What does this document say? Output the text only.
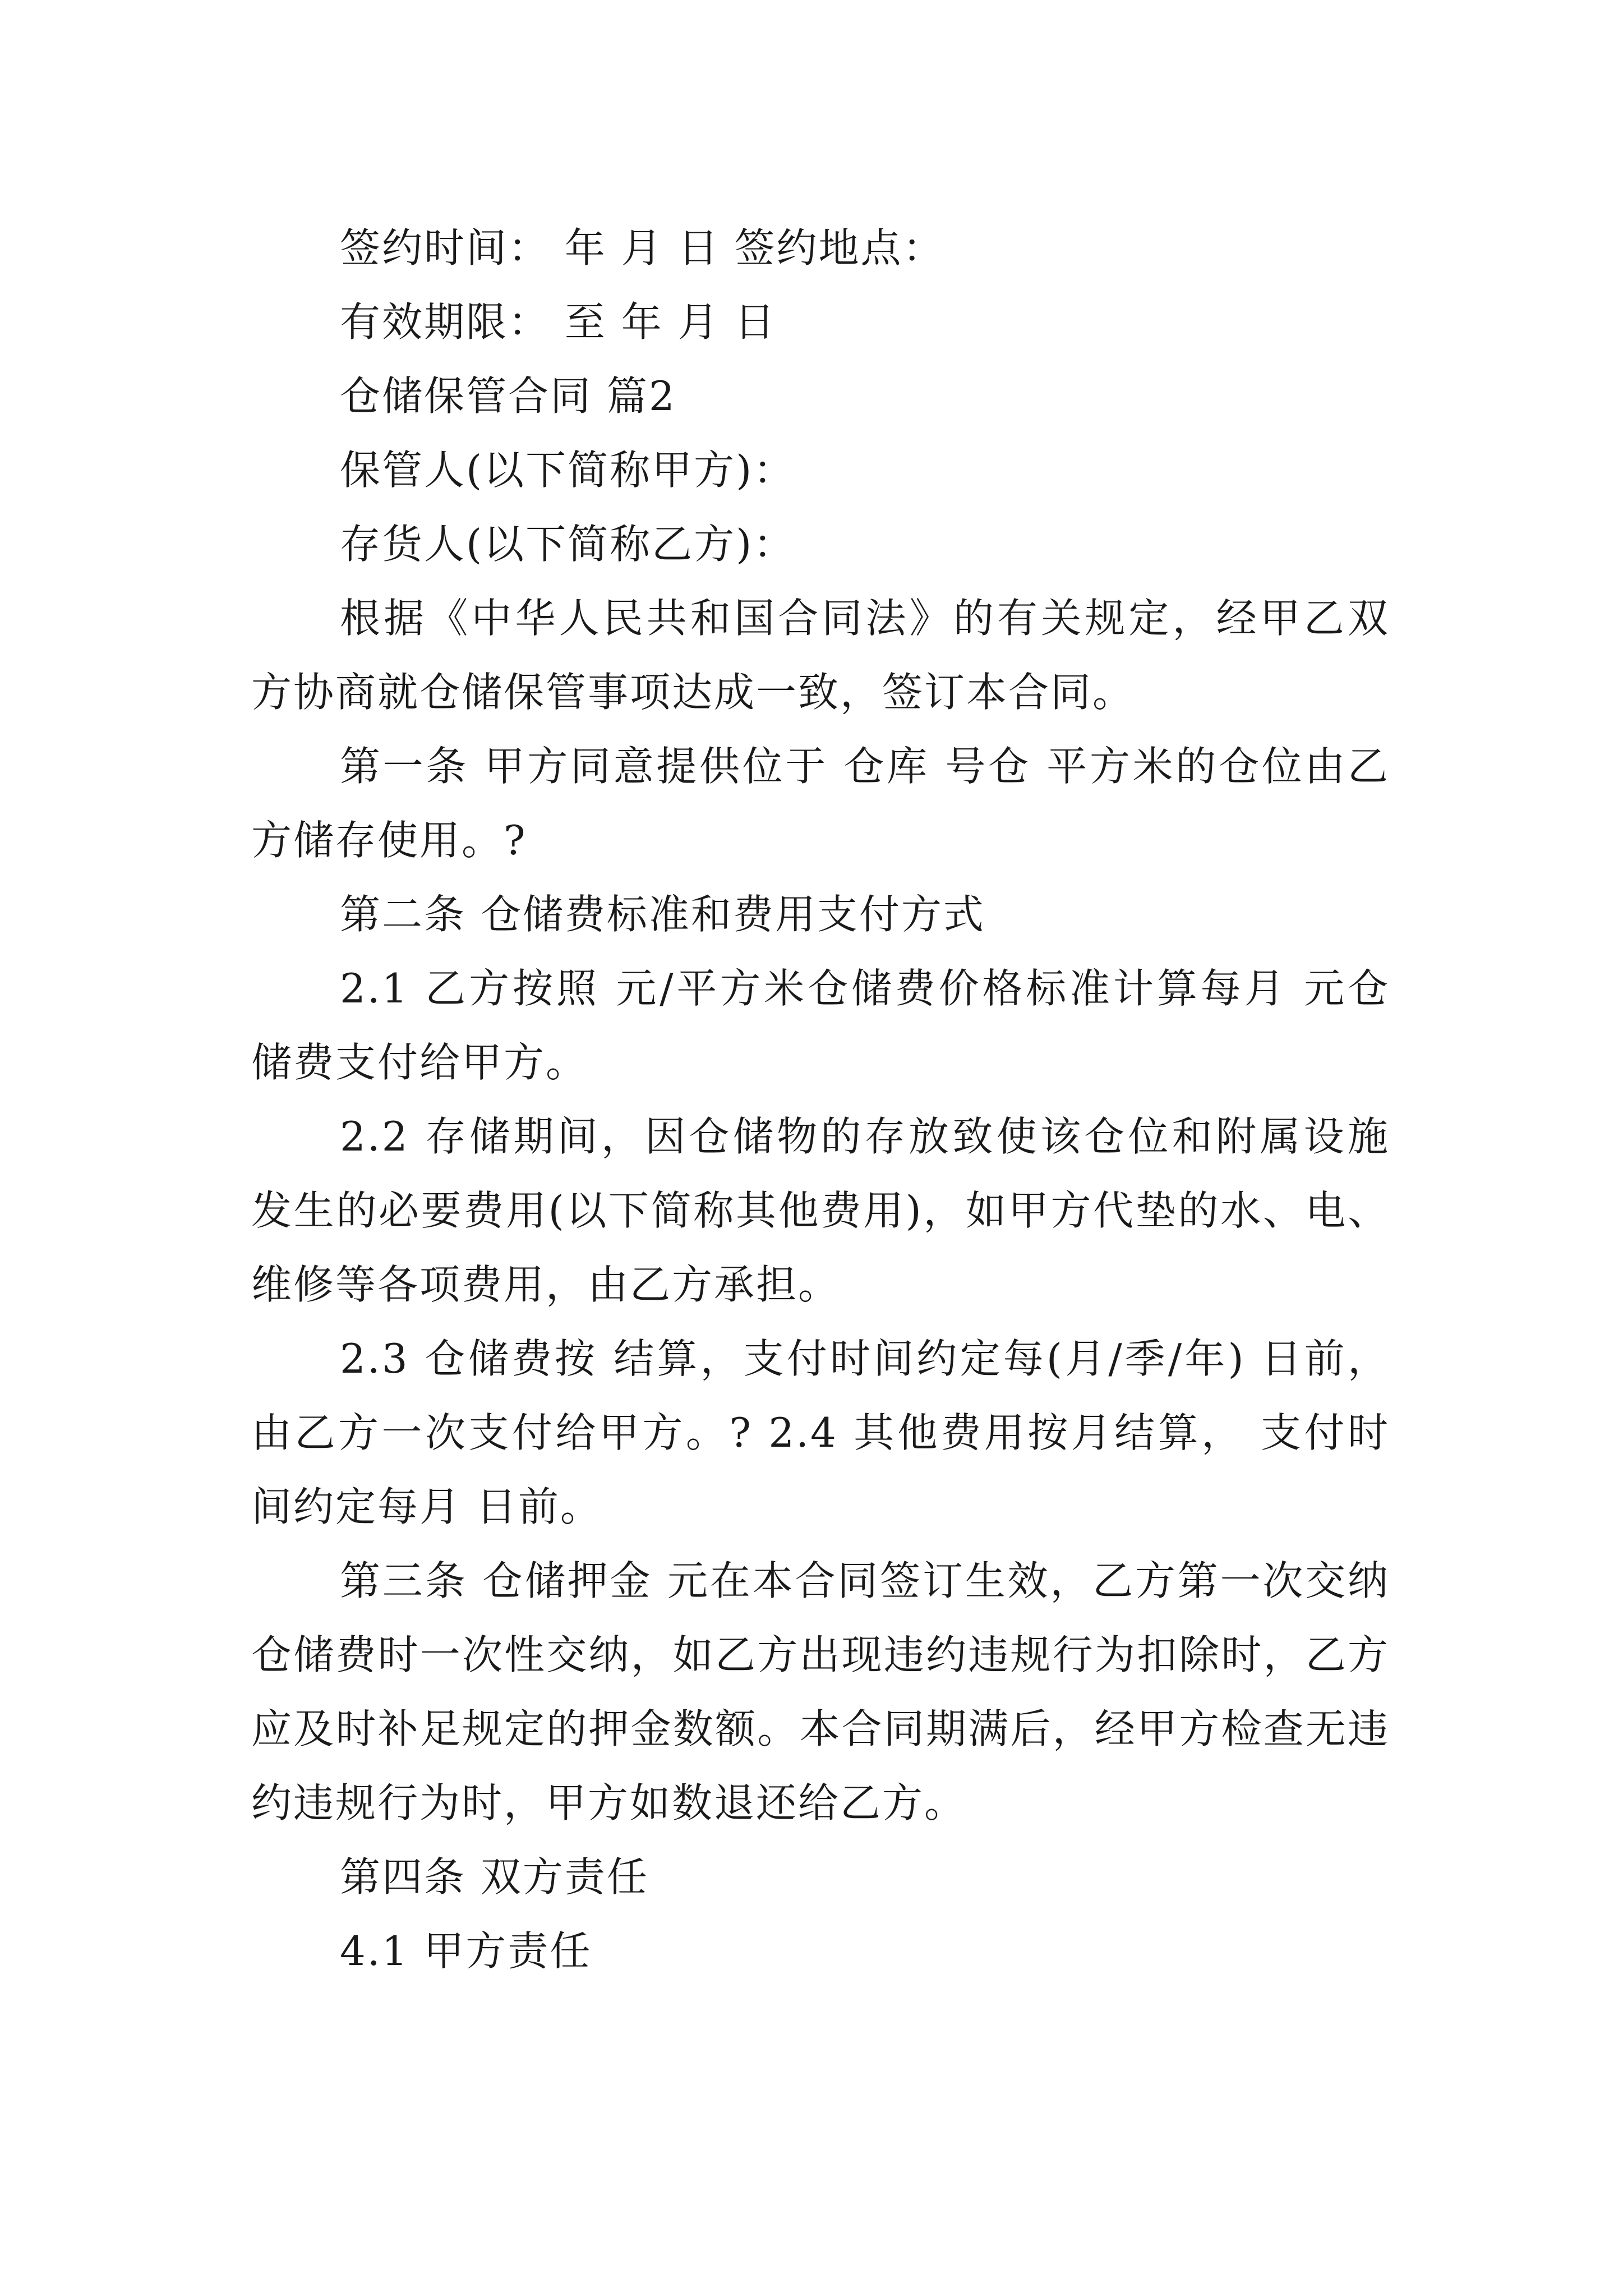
签约时间： 年 月 日 签约地点：
有效期限： 至 年 月 日
仓储保管合同 篇2
保管人(以下简称甲方)：
存货人(以下简称乙方)：

根据《中华人民共和国合同法》的有关规定，经甲乙双方协商就仓储保管事项达成一致，签订本合同。

第一条 甲方同意提供位于 仓库 号仓 平方米的仓位由乙方储存使用。?

第二条 仓储费标准和费用支付方式

2.1 乙方按照 元/平方米仓储费价格标准计算每月 元仓储费支付给甲方。

2.2 存储期间，因仓储物的存放致使该仓位和附属设施发生的必要费用(以下简称其他费用)，如甲方代垫的水、电、维修等各项费用，由乙方承担。

2.3 仓储费按 结算，支付时间约定每(月/季/年) 日前，由乙方一次支付给甲方。? 2.4 其他费用按月结算， 支付时间约定每月 日前。

第三条 仓储押金 元在本合同签订生效，乙方第一次交纳仓储费时一次性交纳，如乙方出现违约违规行为扣除时，乙方应及时补足规定的押金数额。本合同期满后，经甲方检查无违约违规行为时，甲方如数退还给乙方。

第四条 双方责任

4.1 甲方责任
